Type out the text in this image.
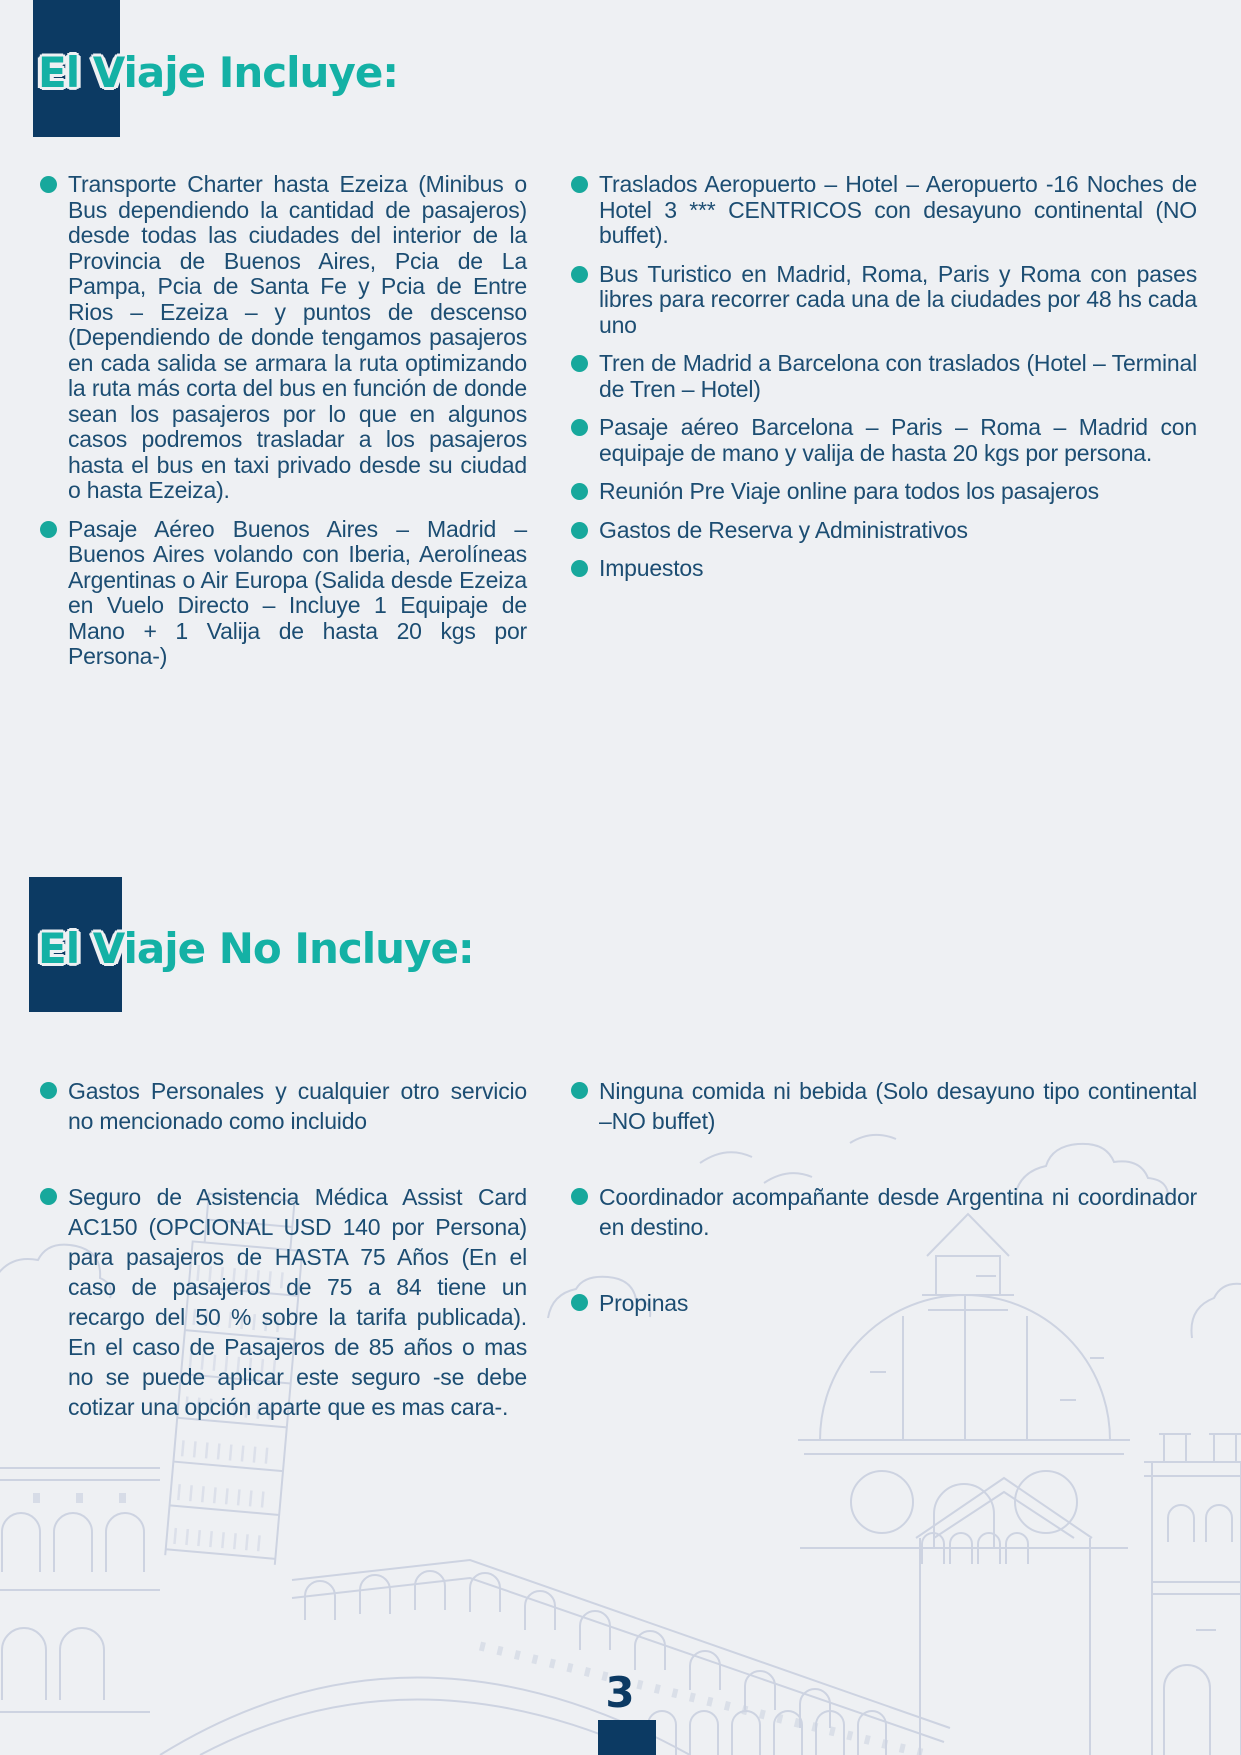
El Viaje Incluye:
Transporte Charter hasta Ezeiza (Minibus o Bus dependiendo la cantidad de pasajeros) desde todas las ciudades del interior de la Provincia de Buenos Aires, Pcia de La Pampa, Pcia de Santa Fe y Pcia de Entre Rios – Ezeiza – y puntos de descenso (Dependiendo de donde tengamos pasajeros en cada salida se armara la ruta optimizando la ruta más corta del bus en función de donde sean los pasajeros por lo que en algunos casos podremos trasladar a los pasajeros hasta el bus en taxi privado desde su ciudad o hasta Ezeiza).
Pasaje Aéreo Buenos Aires – Madrid – Buenos Aires volando con Iberia, Aerolíneas Argentinas o Air Europa (Salida desde Ezeiza en Vuelo Directo – Incluye 1 Equipaje de Mano + 1 Valija de hasta 20 kgs por Persona-)
Traslados Aeropuerto – Hotel – Aeropuerto -16 Noches de Hotel 3 *** CENTRICOS con desayuno continental (NO buffet).
Bus Turistico en Madrid, Roma, Paris y Roma con pases libres para recorrer cada una de la ciudades por 48 hs cada uno
Tren de Madrid a Barcelona con traslados (Hotel – Terminal de Tren – Hotel)
Pasaje aéreo Barcelona – Paris – Roma – Madrid con equipaje de mano y valija de hasta 20 kgs por persona.
Reunión Pre Viaje online para todos los pasajeros
Gastos de Reserva y Administrativos
Impuestos
El Viaje No Incluye:
Gastos Personales y cualquier otro servicio no mencionado como incluido
Seguro de Asistencia Médica Assist Card AC150 (OPCIONAL USD 140 por Persona) para pasajeros de HASTA 75 Años (En el caso de pasajeros de 75 a 84 tiene un recargo del 50 % sobre la tarifa publicada). En el caso de Pasajeros de 85 años o mas no se puede aplicar este seguro -se debe cotizar una opción aparte que es mas cara-.
Ninguna comida ni bebida (Solo desayuno tipo continental –NO buffet)
Coordinador acompañante desde Argentina ni coordinador en destino.
Propinas
3
